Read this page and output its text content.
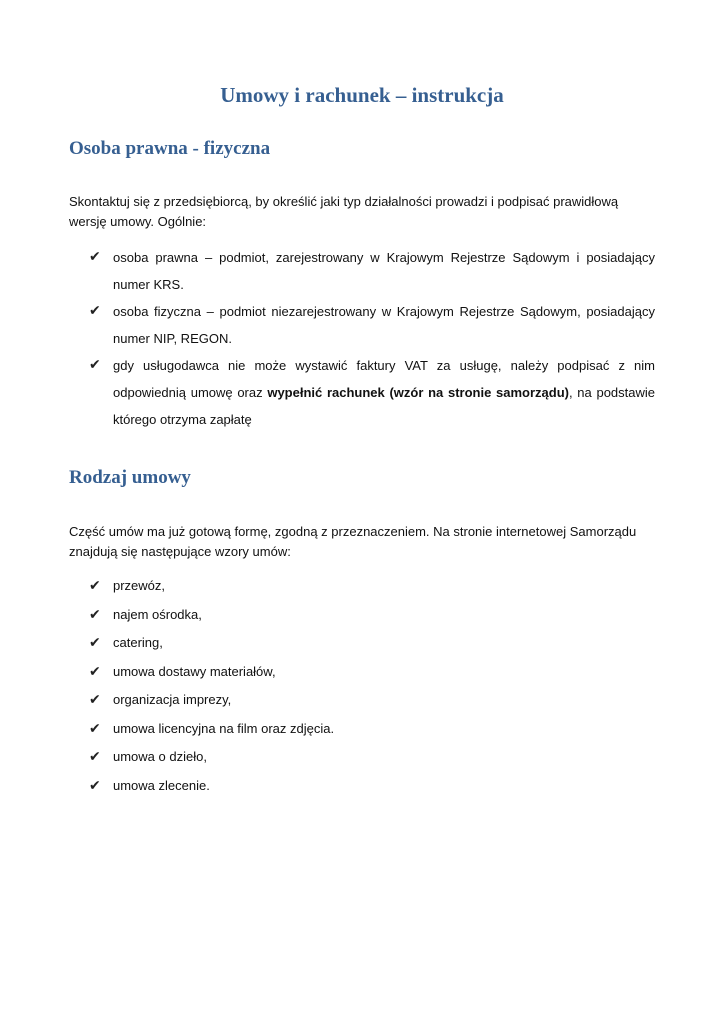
Umowy i rachunek – instrukcja
Osoba prawna - fizyczna

Skontaktuj się z przedsiębiorcą, by określić jaki typ działalności prowadzi i podpisać prawidłową wersję umowy. Ogólnie:

✔ osoba prawna – podmiot, zarejestrowany w Krajowym Rejestrze Sądowym i posiadający numer KRS.
✔ osoba fizyczna – podmiot niezarejestrowany w Krajowym Rejestrze Sądowym, posiadający numer NIP, REGON.
✔ gdy usługodawca nie może wystawić faktury VAT za usługę, należy podpisać z nim odpowiednią umowę oraz wypełnić rachunek (wzór na stronie samorządu), na podstawie którego otrzyma zapłatę
Rodzaj umowy

Część umów ma już gotową formę, zgodną z przeznaczeniem. Na stronie internetowej Samorządu znajdują się następujące wzory umów:

✔ przewóz,
✔ najem ośrodka,
✔ catering,
✔ umowa dostawy materiałów,
✔ organizacja imprezy,
✔ umowa licencyjna na film oraz zdjęcia.
✔ umowa o dzieło,
✔ umowa zlecenie.
